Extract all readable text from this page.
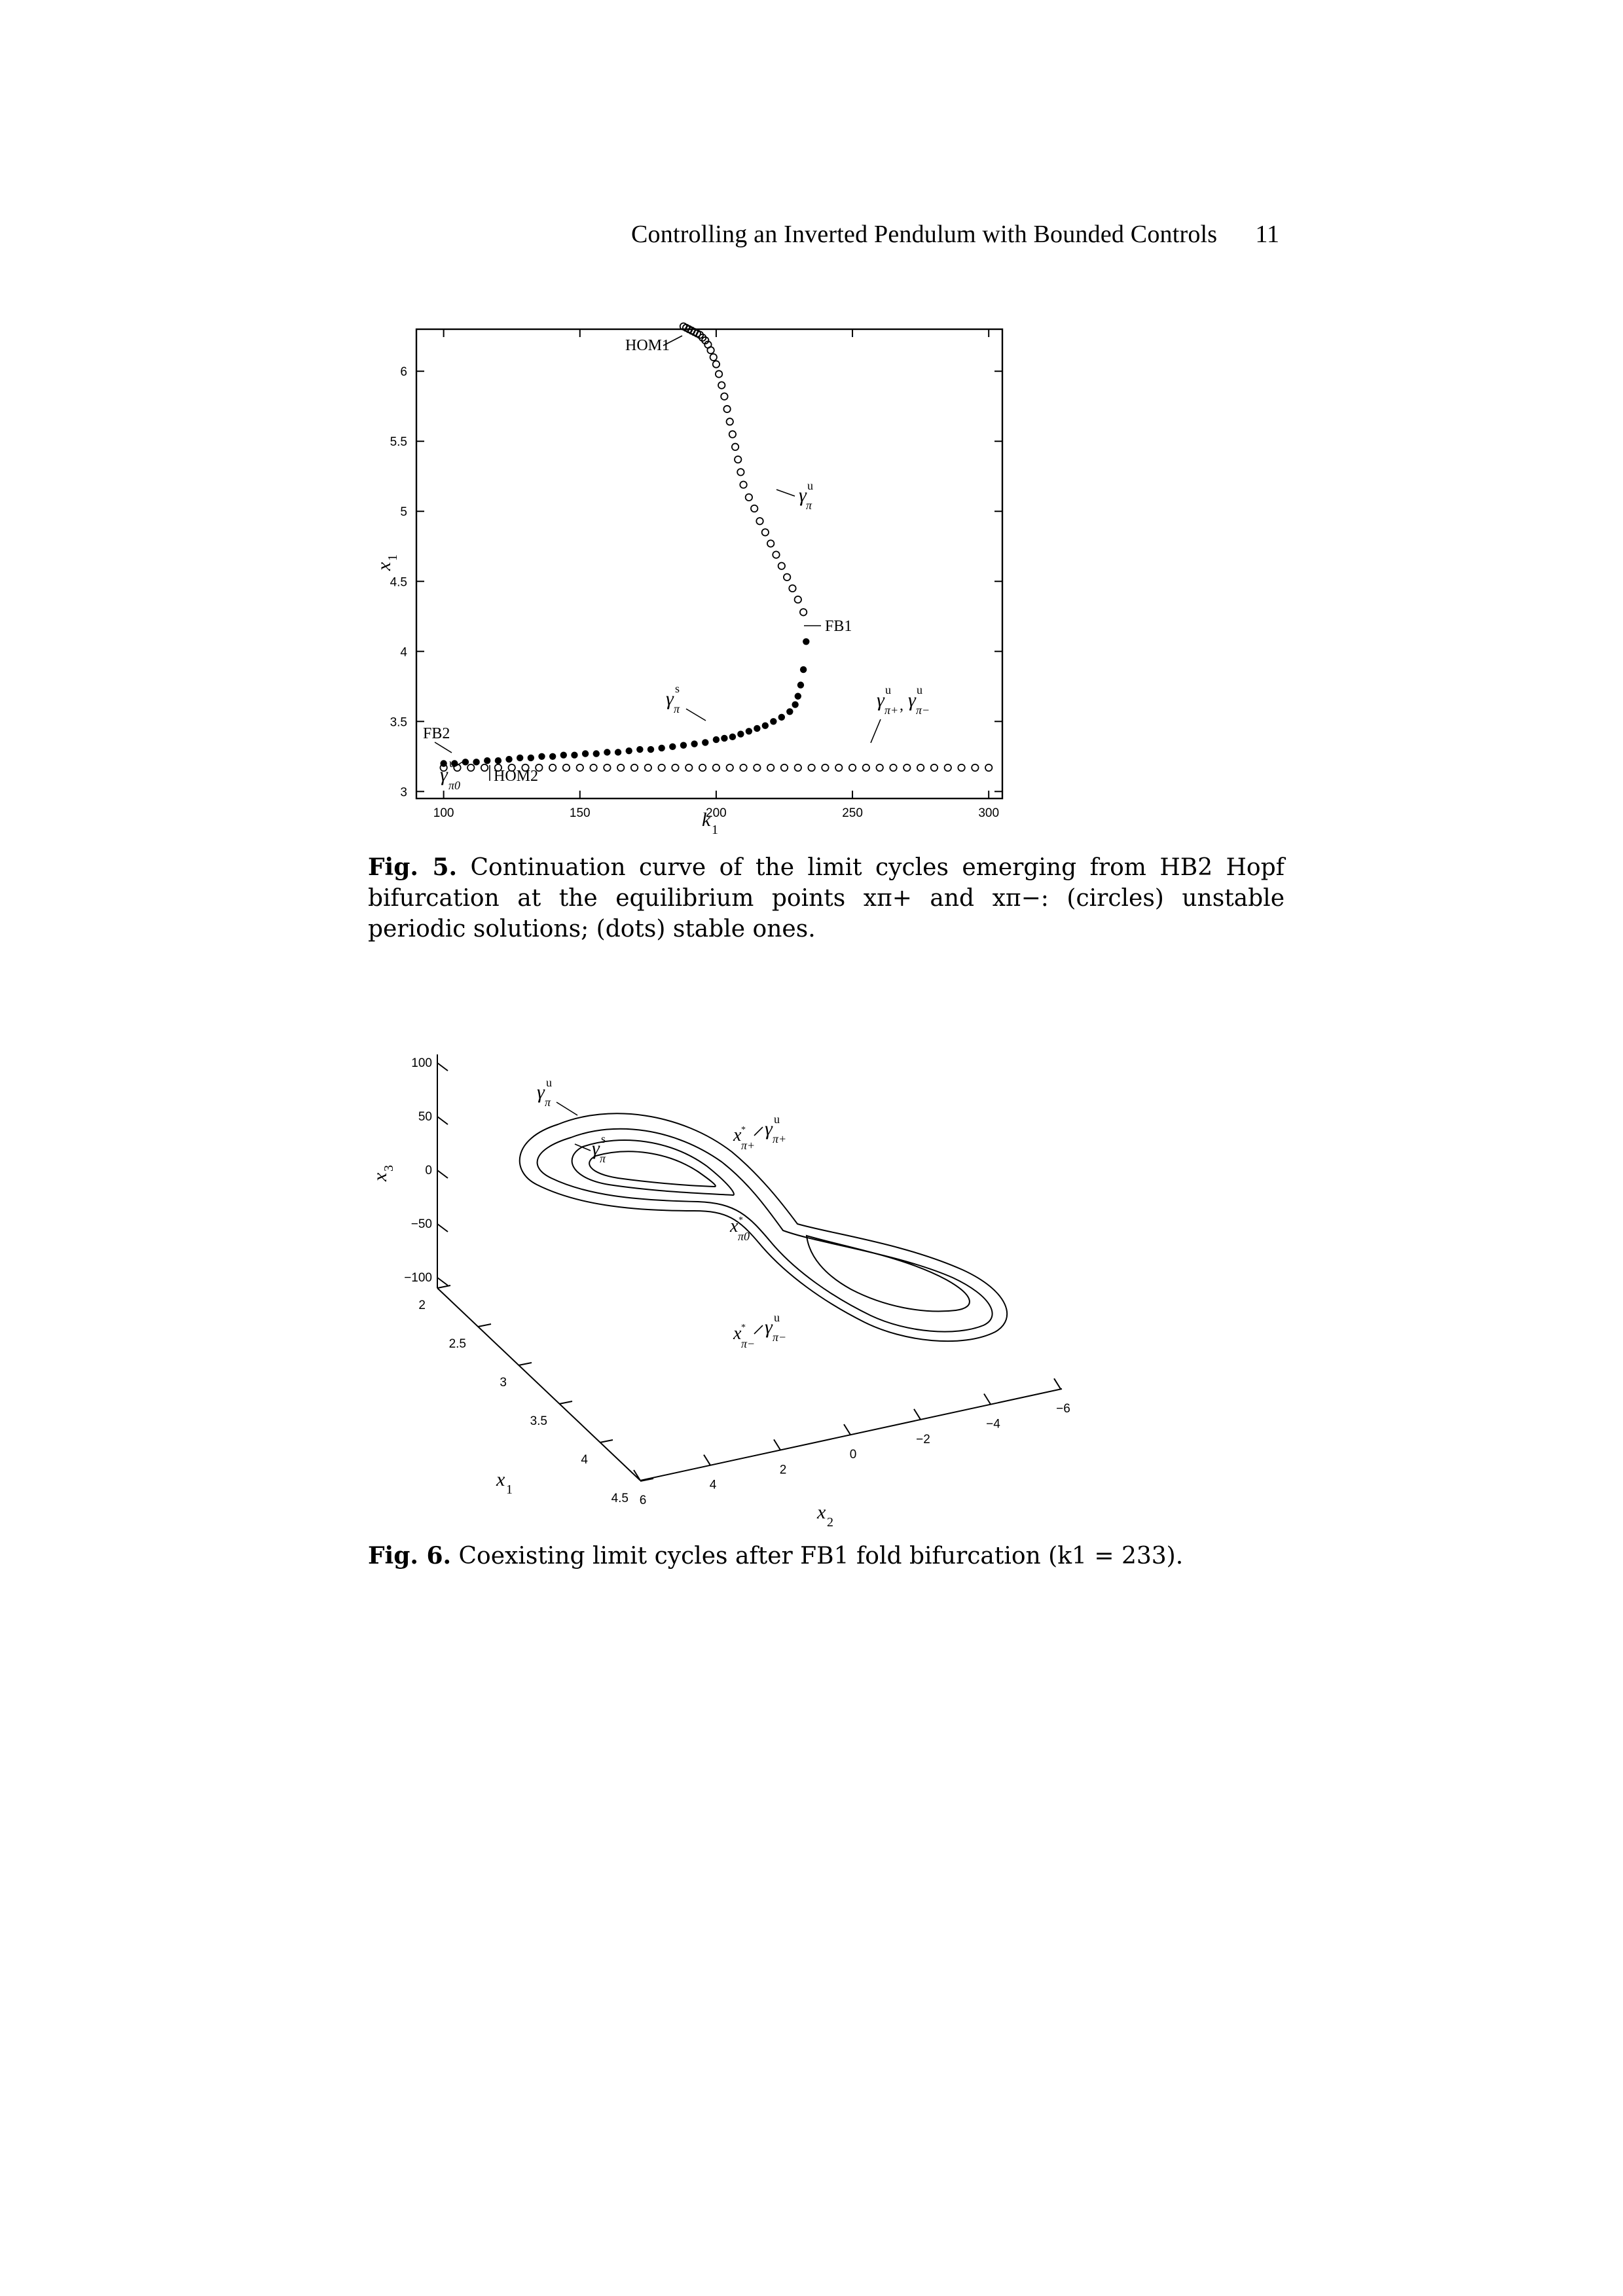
Controlling an Inverted Pendulum with Bounded Controls 11
100	150	200	250	300
3
3.5
4
4.5
5
5.5
6
k 1
x
1
HOM1
FB1
FB2
HOM2
γ u
π
γ s
π
γ
u
π0
γ u
π+ , γ u
π−
Fig. 5. Continuation curve of the limit cycles emerging from HB2 Hopf bifurcation at the equilibrium points xπ+ and xπ−: (circles) unstable periodic solutions; (dots) stable ones.
100
50
0
−50
−100
2
2.5
3
3.5
4
4.5 6
4
2
0
−2
−4
−6
x 1
x 2
x
3
γ u
π
γ s
π
x π+
* γ u
π+
x π0
*
x π−
* γ u
π−
Fig. 6. Coexisting limit cycles after FB1 fold bifurcation (k1 = 233).
